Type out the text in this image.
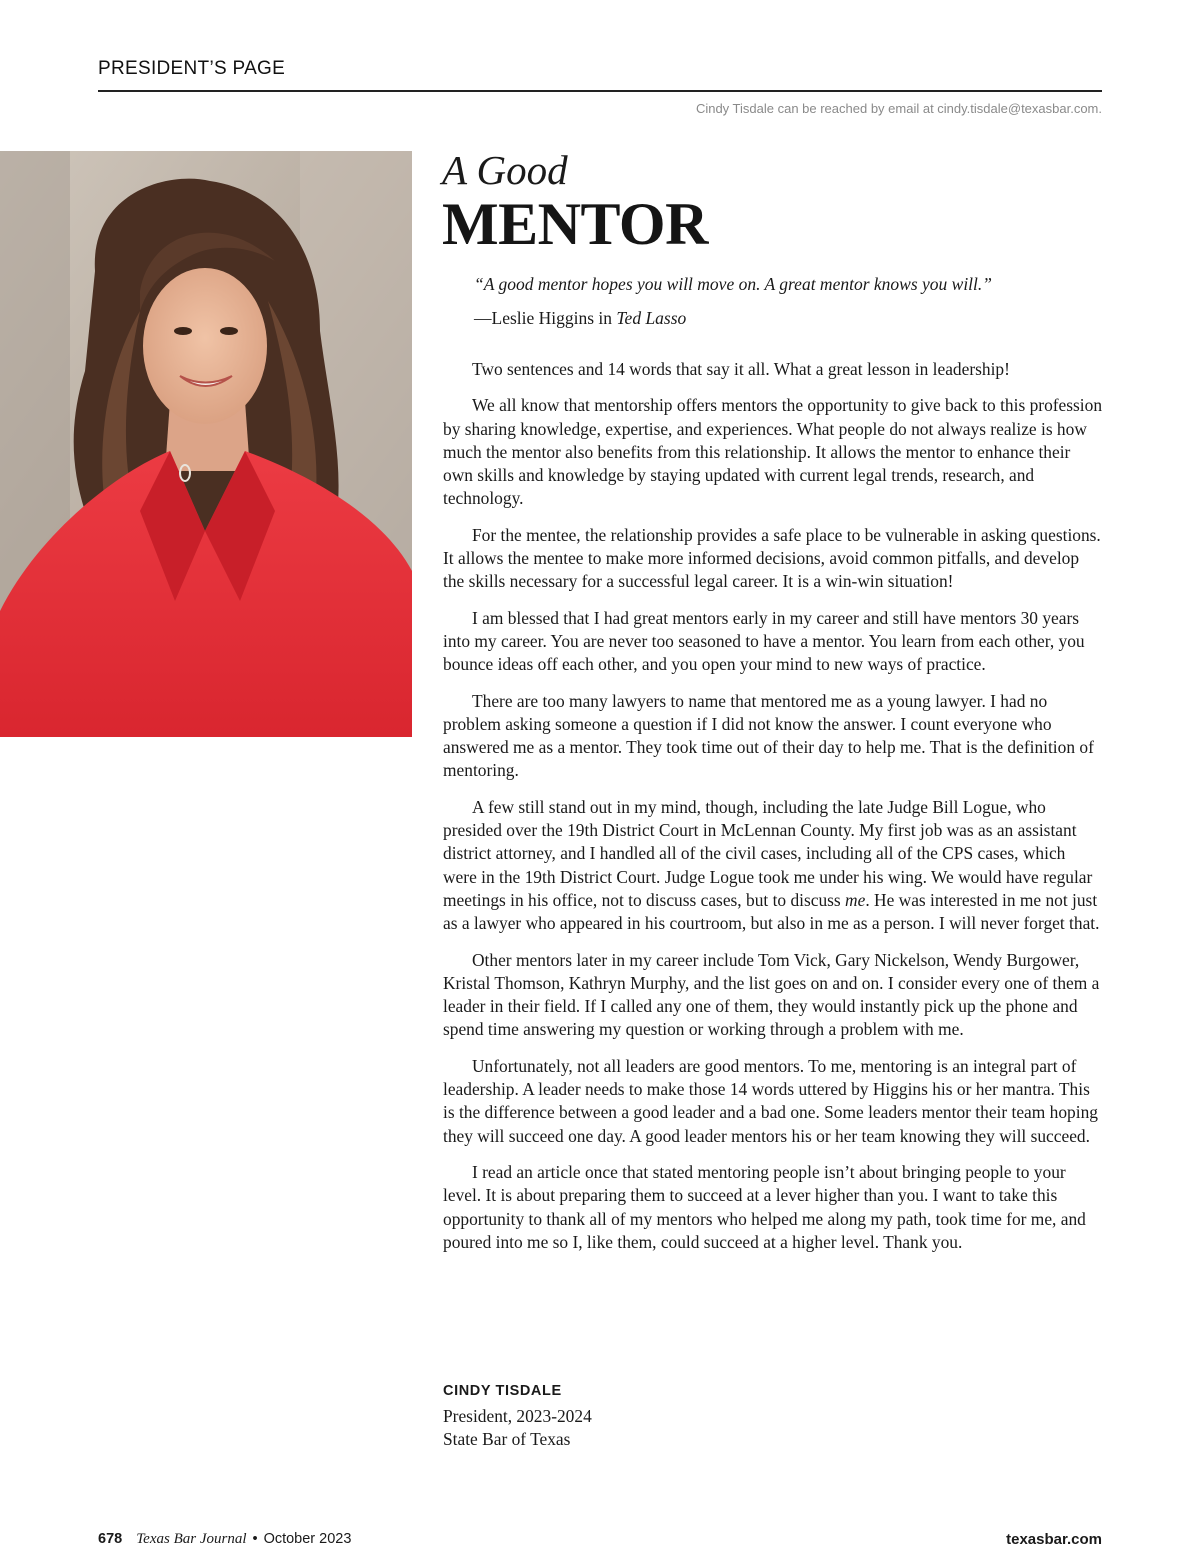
PRESIDENT’S PAGE
Cindy Tisdale can be reached by email at cindy.tisdale@texasbar.com.
A Good
MENTOR
“A good mentor hopes you will move on. A great mentor knows you will.”
—Leslie Higgins in Ted Lasso

Two sentences and 14 words that say it all. What a great lesson in leadership!

We all know that mentorship offers mentors the opportunity to give back to this profession by sharing knowledge, expertise, and experiences. What people do not always realize is how much the mentor also benefits from this relationship. It allows the mentor to enhance their own skills and knowledge by staying updated with current legal trends, research, and technology.

For the mentee, the relationship provides a safe place to be vulnerable in asking questions. It allows the mentee to make more informed decisions, avoid common pitfalls, and develop the skills necessary for a successful legal career. It is a win-win situation!

I am blessed that I had great mentors early in my career and still have mentors 30 years into my career. You are never too seasoned to have a mentor. You learn from each other, you bounce ideas off each other, and you open your mind to new ways of practice.

There are too many lawyers to name that mentored me as a young lawyer. I had no problem asking someone a question if I did not know the answer. I count everyone who answered me as a mentor. They took time out of their day to help me. That is the definition of mentoring.

A few still stand out in my mind, though, including the late Judge Bill Logue, who presided over the 19th District Court in McLennan County. My first job was as an assistant district attorney, and I handled all of the civil cases, including all of the CPS cases, which were in the 19th District Court. Judge Logue took me under his wing. We would have regular meetings in his office, not to discuss cases, but to discuss me. He was interested in me not just as a lawyer who appeared in his courtroom, but also in me as a person. I will never forget that.

Other mentors later in my career include Tom Vick, Gary Nickelson, Wendy Burgower, Kristal Thomson, Kathryn Murphy, and the list goes on and on. I consider every one of them a leader in their field. If I called any one of them, they would instantly pick up the phone and spend time answering my question or working through a problem with me.

Unfortunately, not all leaders are good mentors. To me, mentoring is an integral part of leadership. A leader needs to make those 14 words uttered by Higgins his or her mantra. This is the difference between a good leader and a bad one. Some leaders mentor their team hoping they will succeed one day. A good leader mentors his or her team knowing they will succeed.

I read an article once that stated mentoring people isn’t about bringing people to your level. It is about preparing them to succeed at a lever higher than you. I want to take this opportunity to thank all of my mentors who helped me along my path, took time for me, and poured into me so I, like them, could succeed at a higher level. Thank you.

CINDY TISDALE
President, 2023-2024
State Bar of Texas
678 Texas Bar Journal • October 2023	texasbar.com
